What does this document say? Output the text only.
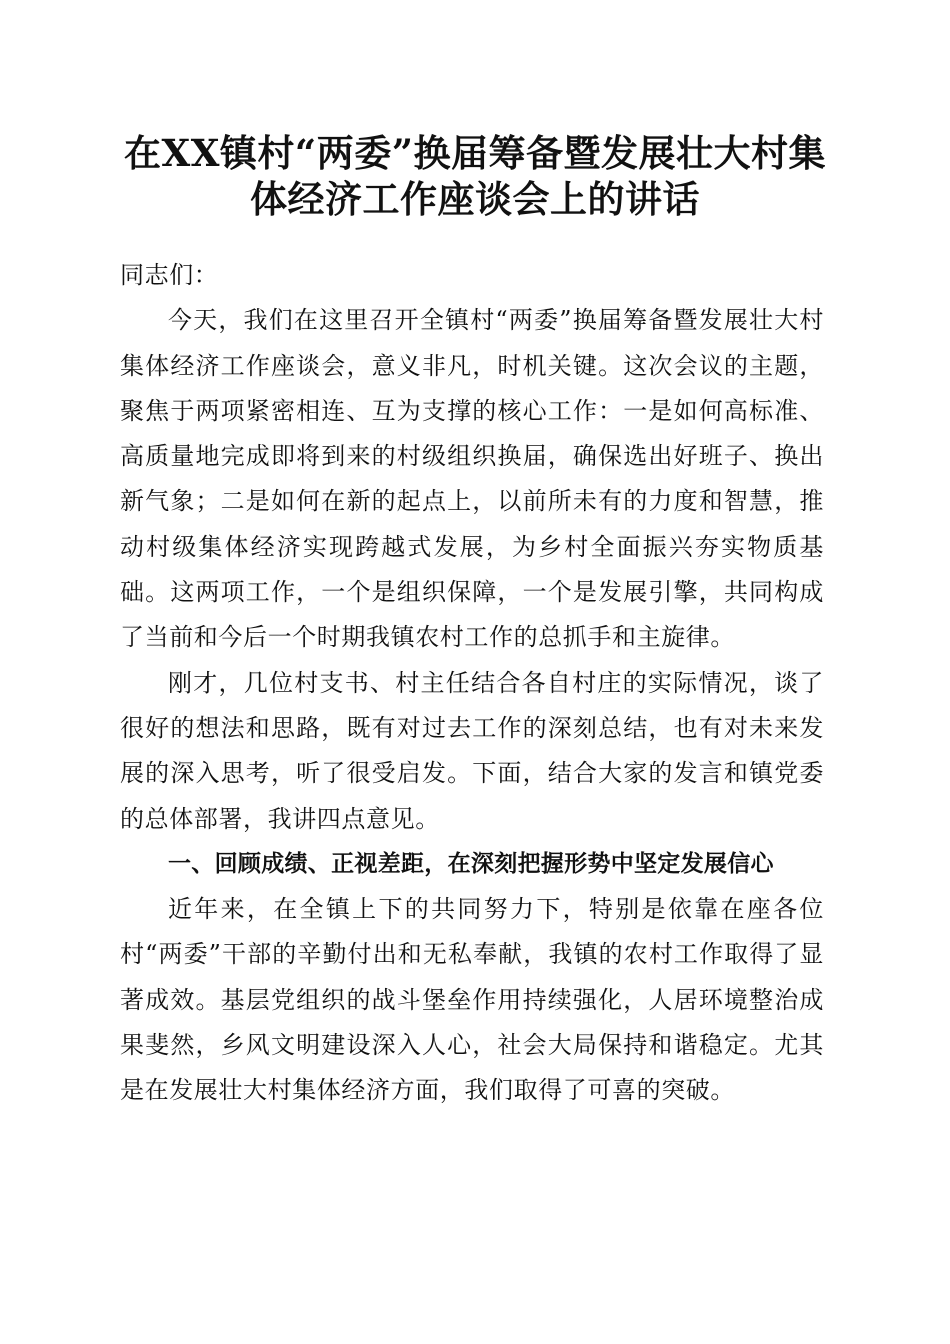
在XX镇村“两委”换届筹备暨发展壮大村集
体经济工作座谈会上的讲话

同志们：

今天，我们在这里召开全镇村“两委”换届筹备暨发展壮大村集体经济工作座谈会，意义非凡，时机关键。这次会议的主题，聚焦于两项紧密相连、互为支撑的核心工作：一是如何高标准、高质量地完成即将到来的村级组织换届，确保选出好班子、换出新气象；二是如何在新的起点上，以前所未有的力度和智慧，推动村级集体经济实现跨越式发展，为乡村全面振兴夯实物质基础。这两项工作，一个是组织保障，一个是发展引擎，共同构成了当前和今后一个时期我镇农村工作的总抓手和主旋律。

刚才，几位村支书、村主任结合各自村庄的实际情况，谈了很好的想法和思路，既有对过去工作的深刻总结，也有对未来发展的深入思考，听了很受启发。下面，结合大家的发言和镇党委的总体部署，我讲四点意见。

一、回顾成绩、正视差距，在深刻把握形势中坚定发展信心

近年来，在全镇上下的共同努力下，特别是依靠在座各位村“两委”干部的辛勤付出和无私奉献，我镇的农村工作取得了显著成效。基层党组织的战斗堡垒作用持续强化，人居环境整治成果斐然，乡风文明建设深入人心，社会大局保持和谐稳定。尤其是在发展壮大村集体经济方面，我们取得了可喜的突破。
